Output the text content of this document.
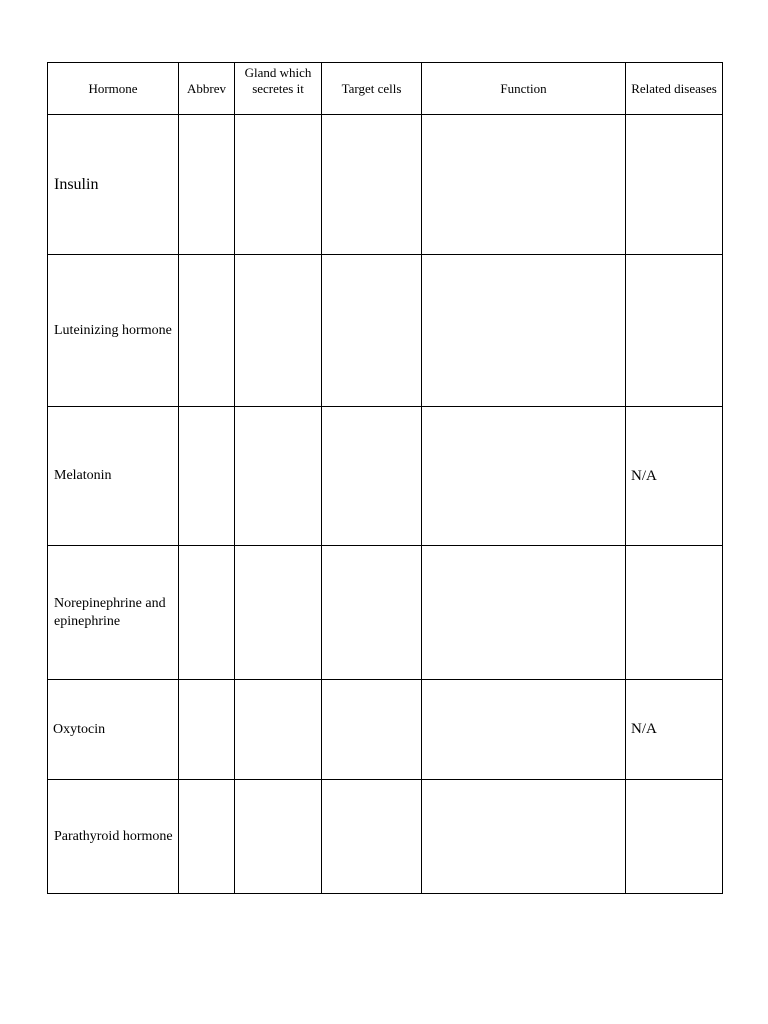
Hormone	Abbrev	Gland which secretes it	Target cells	Function	Related diseases
Insulin					
Luteinizing hormone					
Melatonin					N/A
Norepinephrine and epinephrine					
Oxytocin					N/A
Parathyroid hormone					
